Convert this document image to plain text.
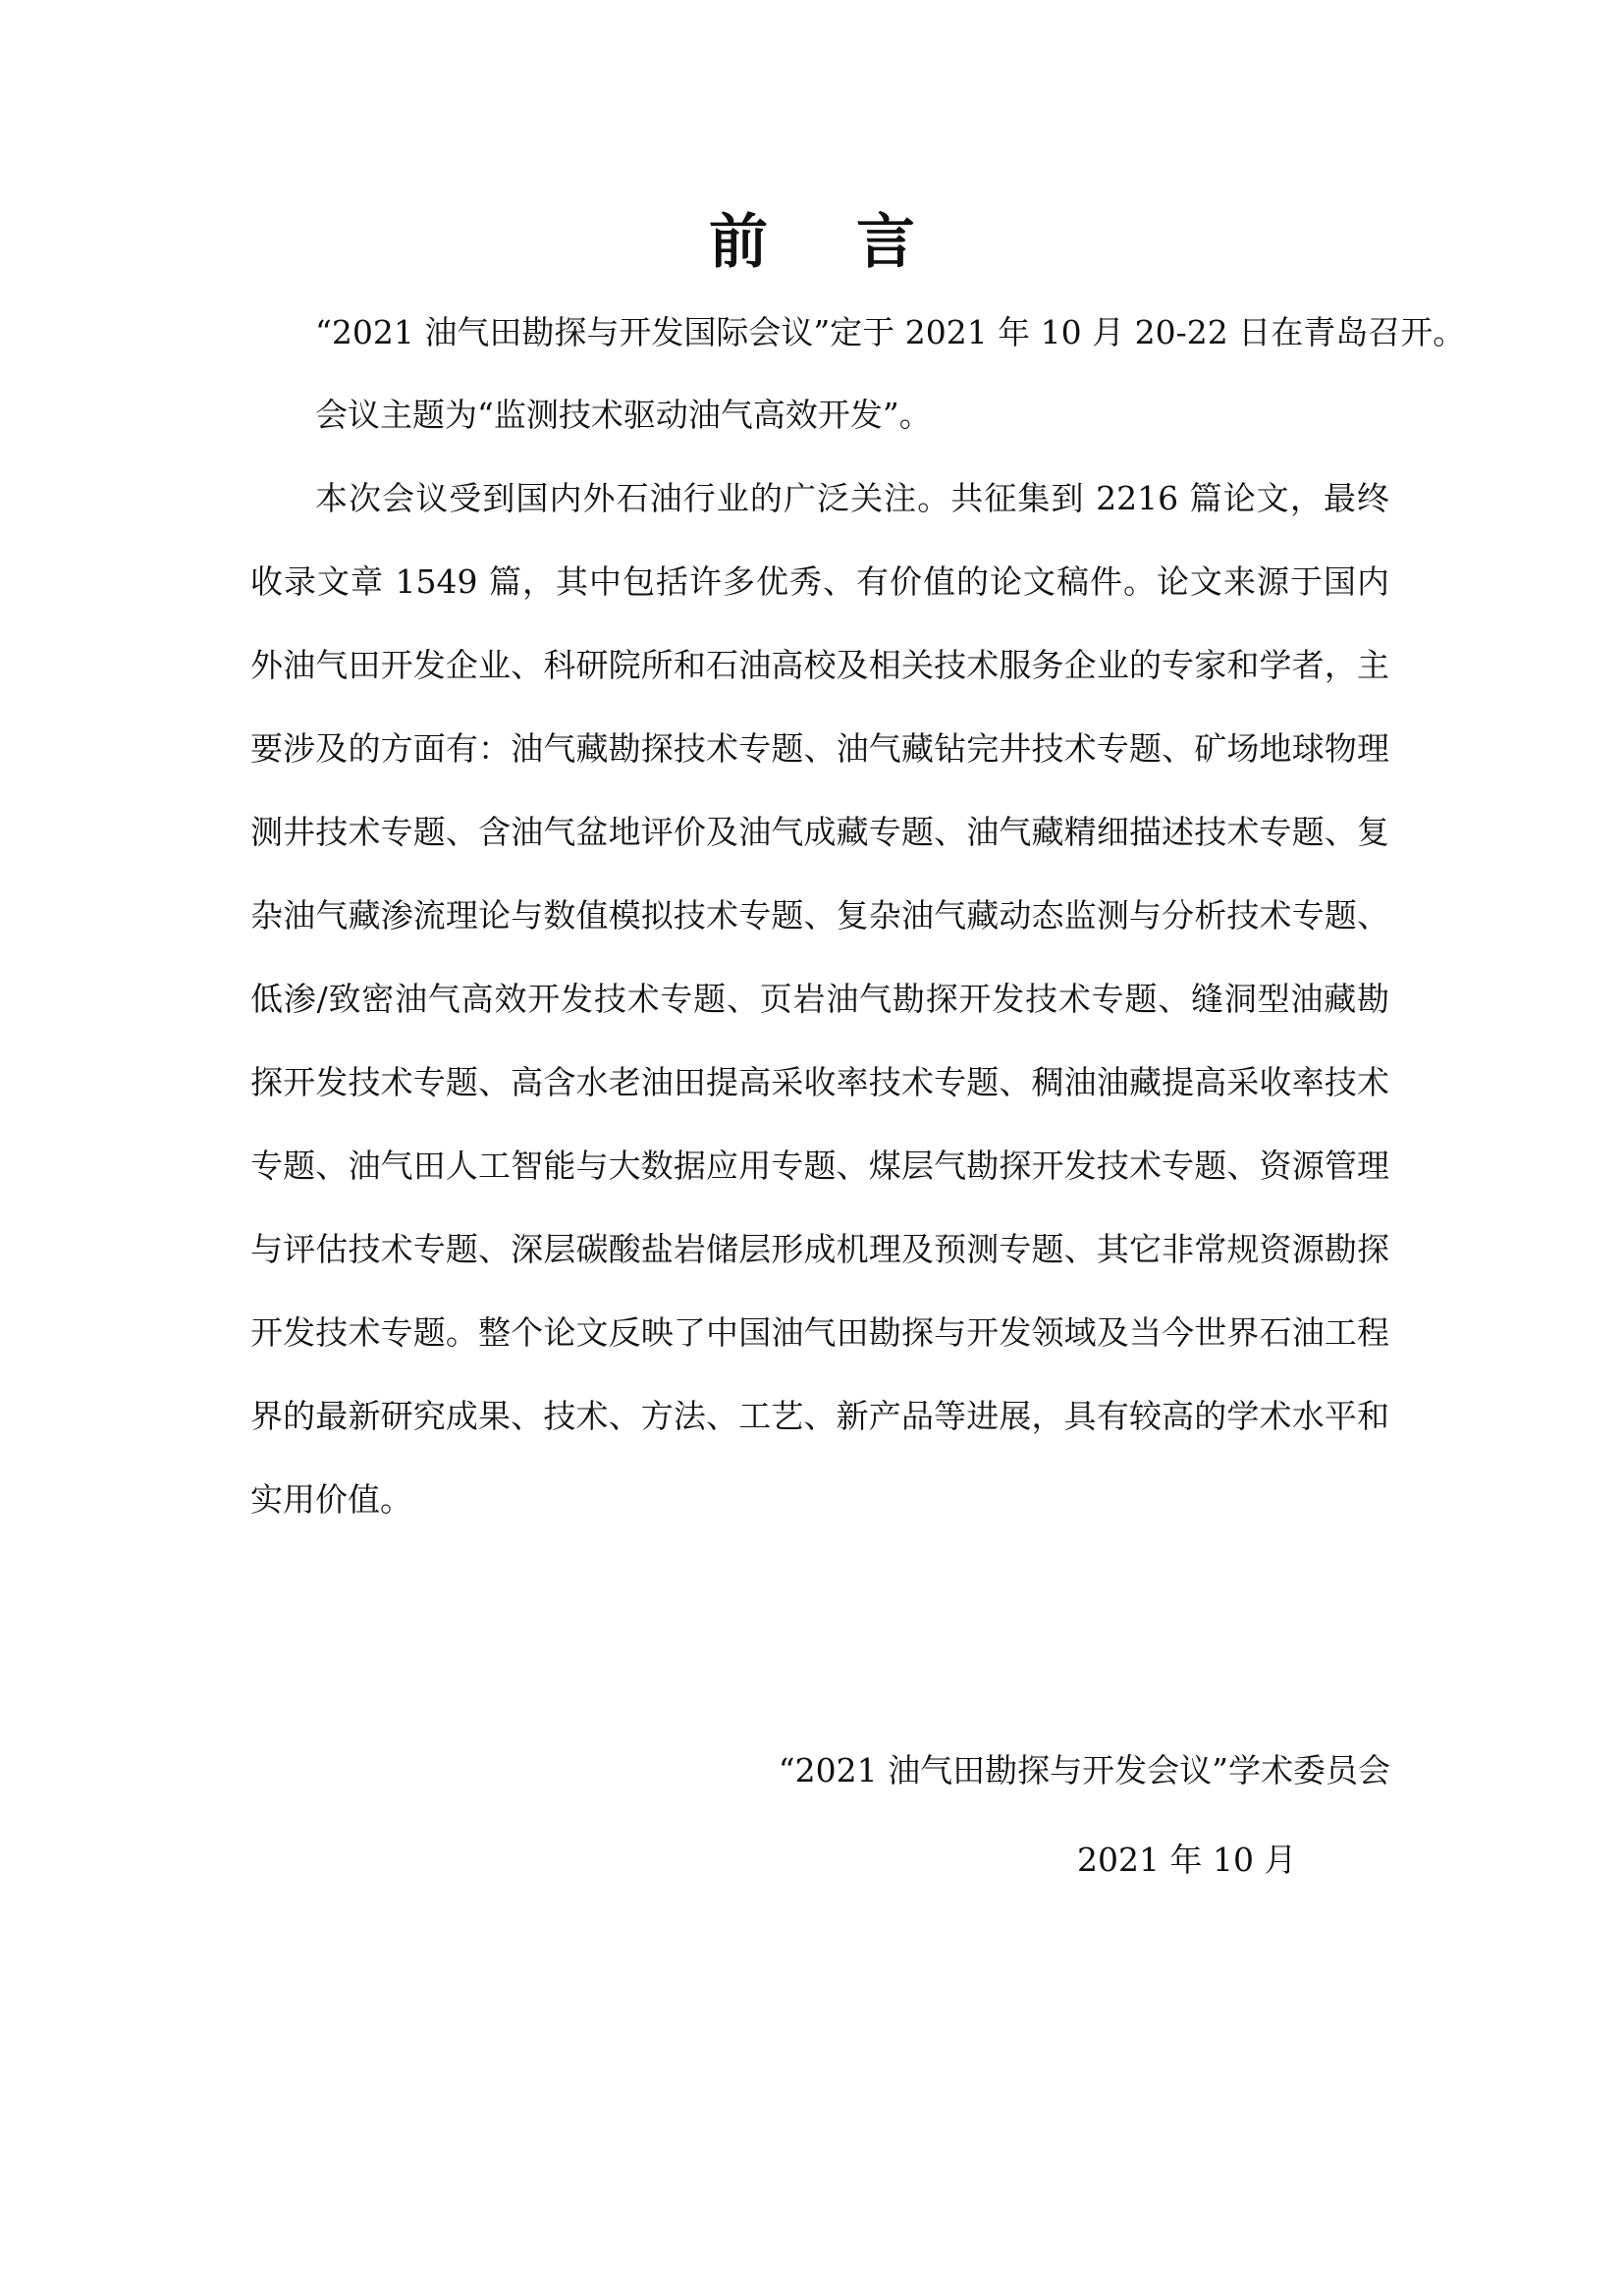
前言

“2021 油气田勘探与开发国际会议”定于 2021 年 10 月 20-22 日在青岛召开。

会议主题为“监测技术驱动油气高效开发”。

本次会议受到国内外石油行业的广泛关注。共征集到 2216 篇论文，最终收录文章 1549 篇，其中包括许多优秀、有价值的论文稿件。论文来源于国内外油气田开发企业、科研院所和石油高校及相关技术服务企业的专家和学者，主要涉及的方面有：油气藏勘探技术专题、油气藏钻完井技术专题、矿场地球物理测井技术专题、含油气盆地评价及油气成藏专题、油气藏精细描述技术专题、复杂油气藏渗流理论与数值模拟技术专题、复杂油气藏动态监测与分析技术专题、低渗/致密油气高效开发技术专题、页岩油气勘探开发技术专题、缝洞型油藏勘探开发技术专题、高含水老油田提高采收率技术专题、稠油油藏提高采收率技术专题、油气田人工智能与大数据应用专题、煤层气勘探开发技术专题、资源管理与评估技术专题、深层碳酸盐岩储层形成机理及预测专题、其它非常规资源勘探开发技术专题。整个论文反映了中国油气田勘探与开发领域及当今世界石油工程界的最新研究成果、技术、方法、工艺、新产品等进展，具有较高的学术水平和实用价值。

“2021 油气田勘探与开发会议”学术委员会

2021 年 10 月
